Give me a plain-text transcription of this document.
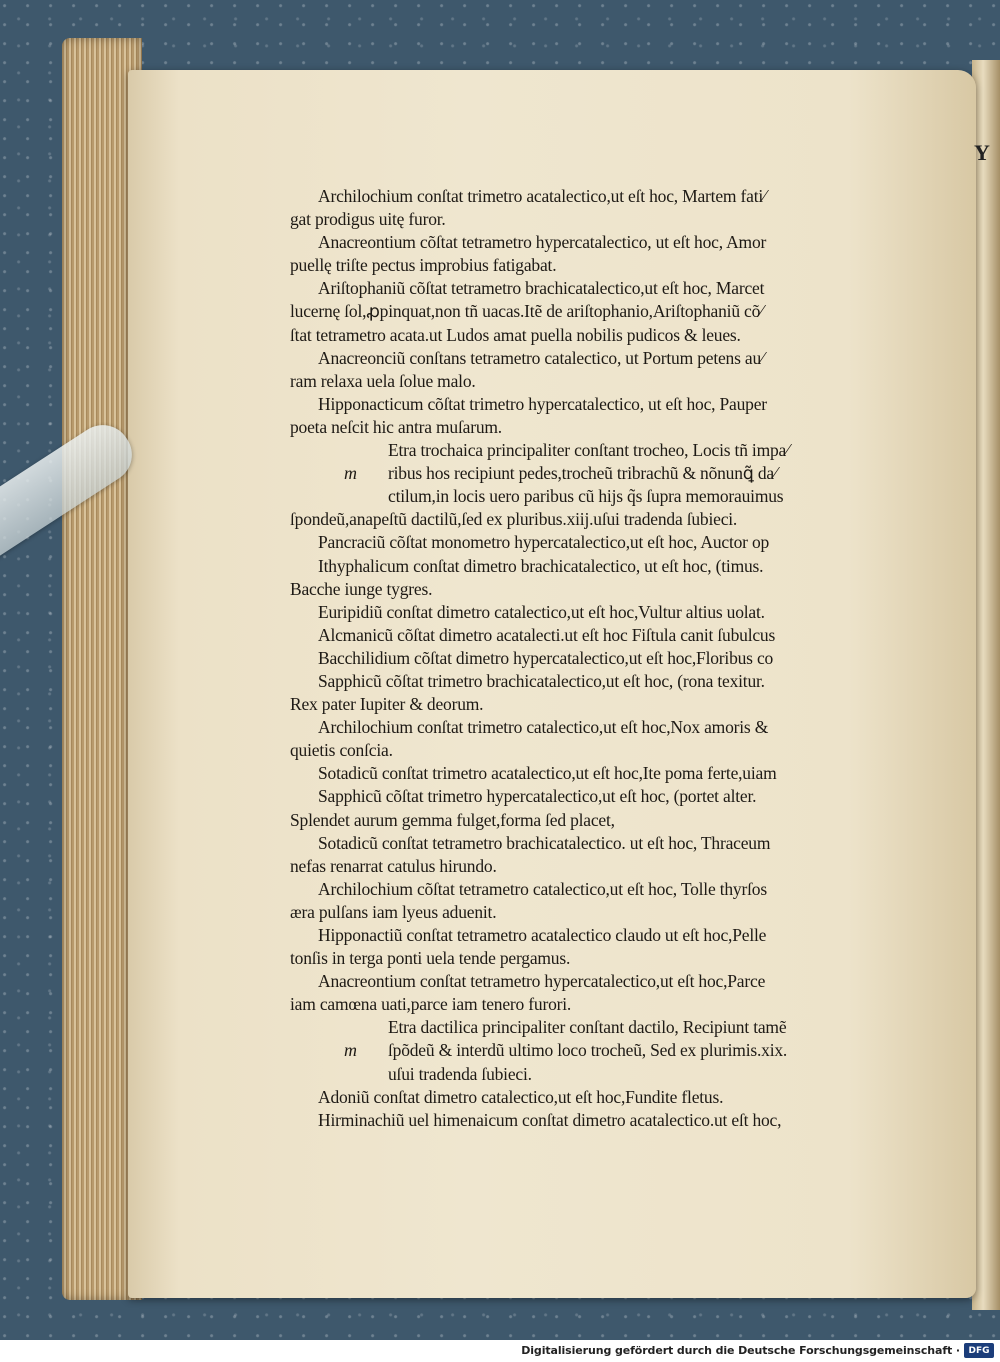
Y
Archilochium conſtat trimetro acatalectico,ut eſt hoc, Martem fati⁄
gat prodigus uitę furor.
Anacreontium cõſtat tetrametro hypercatalectico, ut eſt hoc, Amor
puellę triſte pectus improbius fatigabat.
Ariſtophaniũ cõſtat tetrametro brachicatalectico,ut eſt hoc, Marcet
lucernę ſol,ꝓpinquat,non tñ uacas.Itẽ de ariſtophanio,Ariſtophaniũ cõ⁄
ſtat tetrametro acata.ut Ludos amat puella nobilis pudicos & leues.
Anacreonciũ conſtans tetrametro catalectico, ut Portum petens au⁄
ram relaxa uela ſolue malo.
Hipponacticum cõſtat trimetro hypercatalectico, ut eſt hoc, Pauper
poeta neſcit hic antra muſarum.
Etra trochaica principaliter conſtant trocheo, Locis tñ impa⁄
m ribus hos recipiunt pedes,trocheũ tribrachũ & nõnunꝗ̃ da⁄
ctilum,in locis uero paribus cũ hijs q̃s ſupra memorauimus
ſpondeũ,anapeſtũ dactilũ,ſed ex pluribus.xiij.uſui tradenda ſubieci.
Pancraciũ cõſtat monometro hypercatalectico,ut eſt hoc, Auctor op
Ithyphalicum conſtat dimetro brachicatalectico, ut eſt hoc, (timus.
Bacche iunge tygres.
Euripidiũ conſtat dimetro catalectico,ut eſt hoc,Vultur altius uolat.
Alcmanicũ cõſtat dimetro acatalecti.ut eſt hoc Fiſtula canit ſubulcus
Bacchilidium cõſtat dimetro hypercatalectico,ut eſt hoc,Floribus co
Sapphicũ cõſtat trimetro brachicatalectico,ut eſt hoc, (rona texitur.
Rex pater Iupiter & deorum.
Archilochium conſtat trimetro catalectico,ut eſt hoc,Nox amoris &
quietis conſcia.
Sotadicũ conſtat trimetro acatalectico,ut eſt hoc,Ite poma ferte,uiam
Sapphicũ cõſtat trimetro hypercatalectico,ut eſt hoc, (portet alter.
Splendet aurum gemma fulget,forma ſed placet,
Sotadicũ conſtat tetrametro brachicatalectico. ut eſt hoc, Thraceum
nefas renarrat catulus hirundo.
Archilochium cõſtat tetrametro catalectico,ut eſt hoc, Tolle thyrſos
æra pulſans iam lyeus aduenit.
Hipponactiũ conſtat tetrametro acatalectico claudo ut eſt hoc,Pelle
tonſis in terga ponti uela tende pergamus.
Anacreontium conſtat tetrametro hypercatalectico,ut eſt hoc,Parce
iam camœna uati,parce iam tenero furori.
Etra dactilica principaliter conſtant dactilo, Recipiunt tamẽ
m ſpõdeũ & interdũ ultimo loco trocheũ, Sed ex plurimis.xix.
uſui tradenda ſubieci.
Adoniũ conſtat dimetro catalectico,ut eſt hoc,Fundite fletus.
Hirminachiũ uel himenaicum conſtat dimetro acatalectico.ut eſt hoc,
Digitalisierung gefördert durch die Deutsche Forschungsgemeinschaft · DFG
